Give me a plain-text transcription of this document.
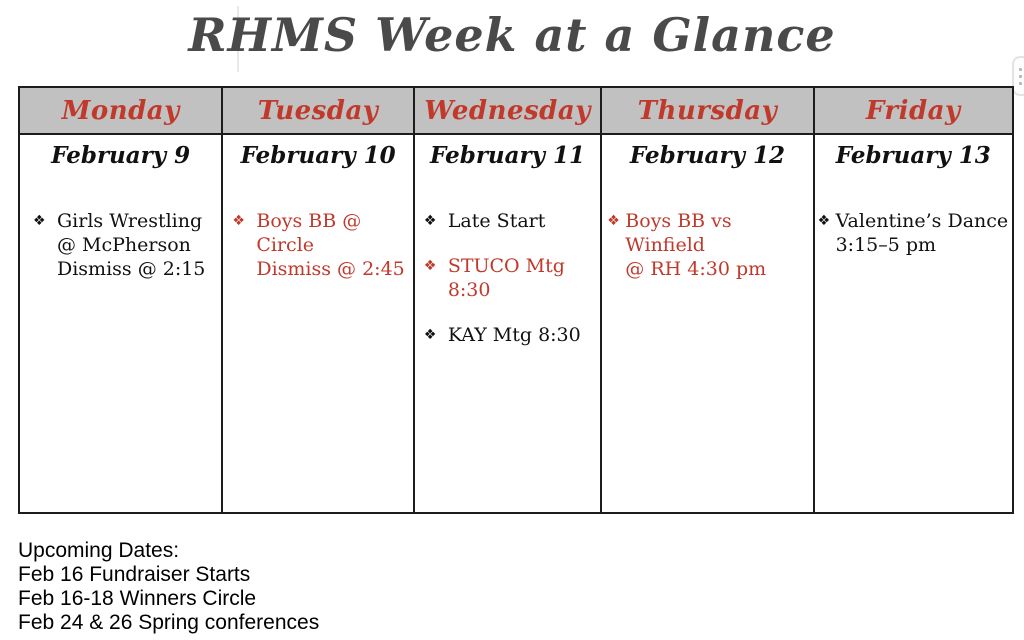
RHMS Week at a Glance
Monday
February 9
❖ Girls Wrestling @ McPherson
Dismiss @ 2:15
Tuesday
February 10
❖ Boys BB @ Circle
Dismiss @ 2:45
Wednesday
February 11
❖ Late Start
❖ STUCO Mtg 8:30
❖ KAY Mtg 8:30
Thursday
February 12
❖ Boys BB vs Winfield
@ RH 4:30 pm
Friday
February 13
❖ Valentine’s Dance
3:15–5 pm
Upcoming Dates:
Feb 16 Fundraiser Starts
Feb 16-18 Winners Circle
Feb 24 & 26 Spring conferences
